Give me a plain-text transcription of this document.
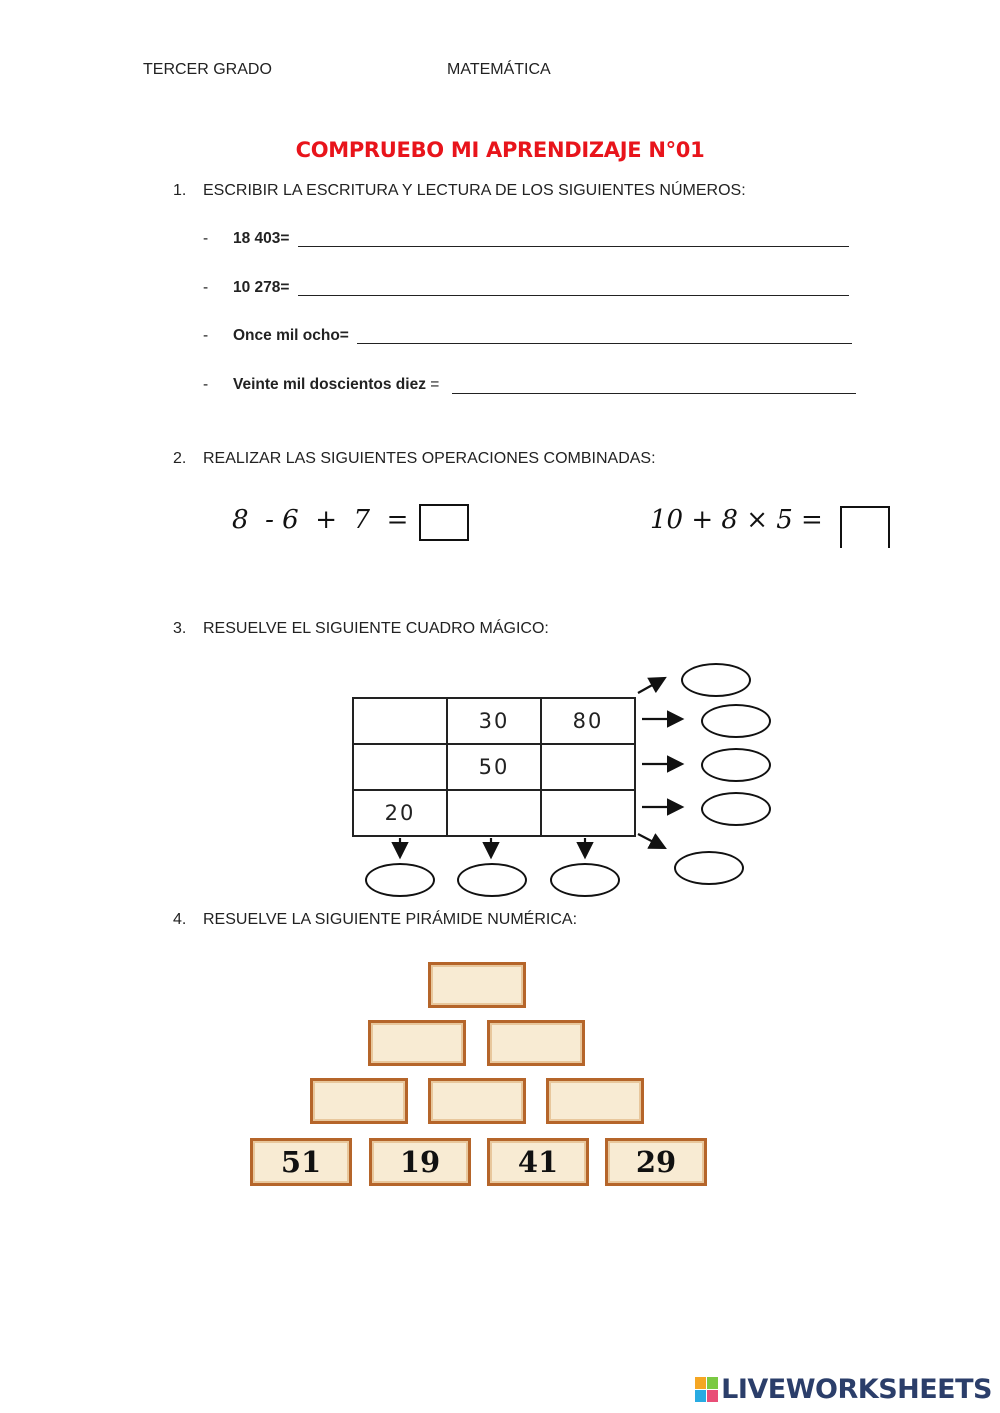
TERCER GRADO	MATEMÁTICA
COMPRUEBO MI APRENDIZAJE N°01
1. ESCRIBIR LA ESCRITURA Y LECTURA DE LOS SIGUIENTES NÚMEROS:
- 18 403=
- 10 278=
- Once mil ocho=
- Veinte mil doscientos diez =
2. REALIZAR LAS SIGUIENTES OPERACIONES COMBINADAS:
8  - 6  +  7  =	10 + 8 × 5 =
3. RESUELVE EL SIGUIENTE CUADRO MÁGICO:
	30	80
	50	
20		
4. RESUELVE LA SIGUIENTE PIRÁMIDE NUMÉRICA:
51	19	41	29
LIVEWORKSHEETS
